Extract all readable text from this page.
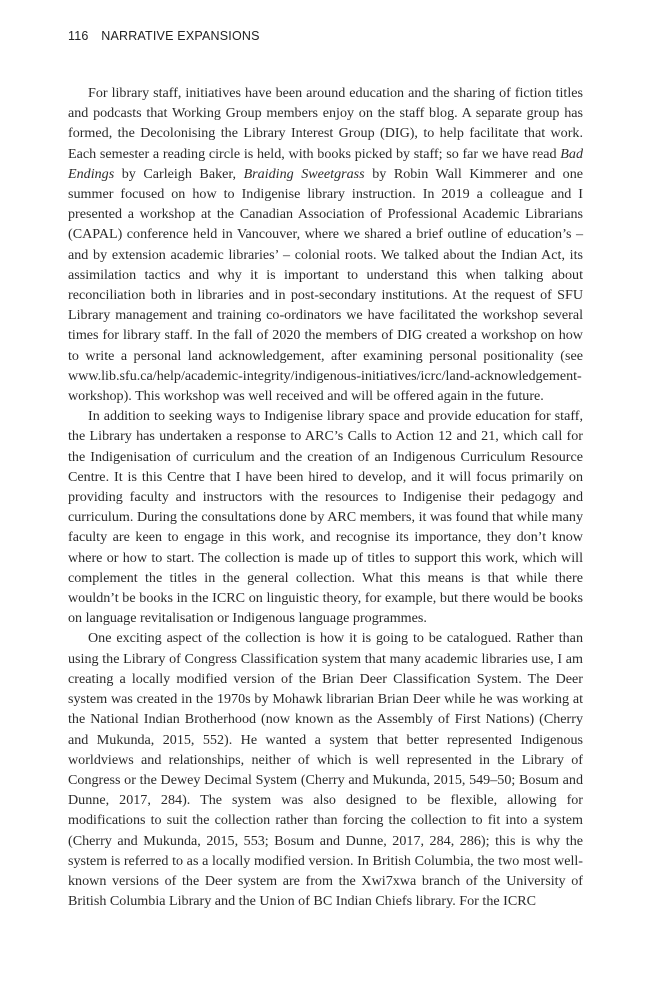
116 NARRATIVE EXPANSIONS

For library staff, initiatives have been around education and the sharing of fiction titles and podcasts that Working Group members enjoy on the staff blog. A separate group has formed, the Decolonising the Library Interest Group (DIG), to help facilitate that work. Each semester a reading circle is held, with books picked by staff; so far we have read Bad Endings by Carleigh Baker, Braiding Sweetgrass by Robin Wall Kimmerer and one summer focused on how to Indigenise library instruction. In 2019 a colleague and I presented a workshop at the Canadian Association of Professional Academic Librarians (CAPAL) conference held in Vancouver, where we shared a brief outline of education’s – and by extension academic libraries’ – colonial roots. We talked about the Indian Act, its assimilation tactics and why it is important to understand this when talking about reconciliation both in libraries and in post-secondary institutions. At the request of SFU Library management and training co-ordinators we have facilitated the workshop several times for library staff. In the fall of 2020 the members of DIG created a workshop on how to write a personal land acknowledgement, after examining personal positionality (see www.lib.sfu.ca/help/academic-integrity/indigenous-initiatives/icrc/land-acknowledgement-workshop). This workshop was well received and will be offered again in the future.

In addition to seeking ways to Indigenise library space and provide education for staff, the Library has undertaken a response to ARC’s Calls to Action 12 and 21, which call for the Indigenisation of curriculum and the creation of an Indigenous Curriculum Resource Centre. It is this Centre that I have been hired to develop, and it will focus primarily on providing faculty and instructors with the resources to Indigenise their pedagogy and curriculum. During the consultations done by ARC members, it was found that while many faculty are keen to engage in this work, and recognise its importance, they don’t know where or how to start. The collection is made up of titles to support this work, which will complement the titles in the general collection. What this means is that while there wouldn’t be books in the ICRC on linguistic theory, for example, but there would be books on language revitalisation or Indigenous language programmes.

One exciting aspect of the collection is how it is going to be catalogued. Rather than using the Library of Congress Classification system that many academic libraries use, I am creating a locally modified version of the Brian Deer Classification System. The Deer system was created in the 1970s by Mohawk librarian Brian Deer while he was working at the National Indian Brotherhood (now known as the Assembly of First Nations) (Cherry and Mukunda, 2015, 552). He wanted a system that better represented Indigenous worldviews and relationships, neither of which is well represented in the Library of Congress or the Dewey Decimal System (Cherry and Mukunda, 2015, 549–50; Bosum and Dunne, 2017, 284). The system was also designed to be flexible, allowing for modifications to suit the collection rather than forcing the collection to fit into a system (Cherry and Mukunda, 2015, 553; Bosum and Dunne, 2017, 284, 286); this is why the system is referred to as a locally modified version. In British Columbia, the two most well-known versions of the Deer system are from the Xwi7xwa branch of the University of British Columbia Library and the Union of BC Indian Chiefs library. For the ICRC
